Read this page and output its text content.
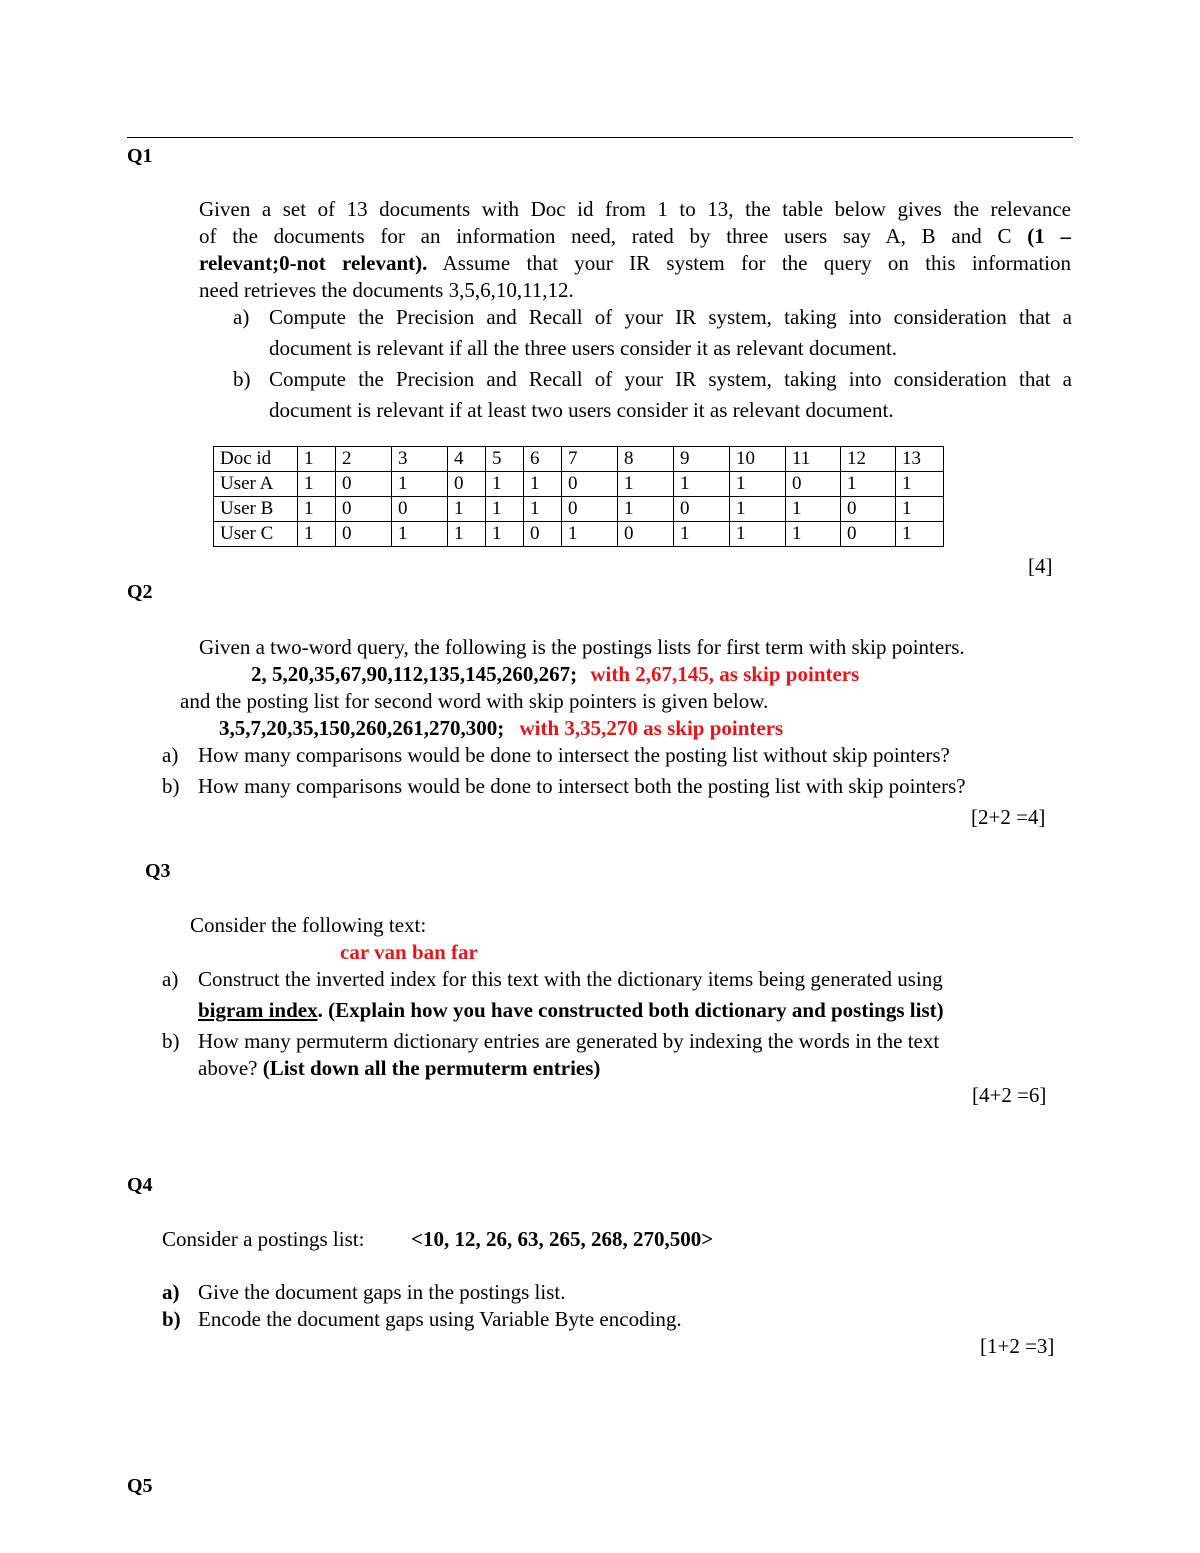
Q1
Given a set of 13 documents with Doc id from 1 to 13, the table below gives the relevance
of the documents for an information need, rated by three users say A, B and C (1 –
relevant;0-not relevant). Assume that your IR system for the query on this information
need retrieves the documents 3,5,6,10,11,12.
a) Compute the Precision and Recall of your IR system, taking into consideration that a
document is relevant if all the three users consider it as relevant document.
b) Compute the Precision and Recall of your IR system, taking into consideration that a
document is relevant if at least two users consider it as relevant document.
Doc id	1	2	3	4	5	6	7	8	9	10	11	12	13
User A	1	0	1	0	1	1	0	1	1	1	0	1	1
User B	1	0	0	1	1	1	0	1	0	1	1	0	1
User C	1	0	1	1	1	0	1	0	1	1	1	0	1
[4]
Q2
Given a two-word query, the following is the postings lists for first term with skip pointers.
2, 5,20,35,67,90,112,135,145,260,267; with 2,67,145, as skip pointers
and the posting list for second word with skip pointers is given below.
3,5,7,20,35,150,260,261,270,300; with 3,35,270 as skip pointers
a) How many comparisons would be done to intersect the posting list without skip pointers?
b) How many comparisons would be done to intersect both the posting list with skip pointers?
[2+2 =4]
Q3
Consider the following text:
car van ban far
a) Construct the inverted index for this text with the dictionary items being generated using
bigram index. (Explain how you have constructed both dictionary and postings list)
b) How many permuterm dictionary entries are generated by indexing the words in the text
above? (List down all the permuterm entries)
[4+2 =6]
Q4
Consider a postings list: <10, 12, 26, 63, 265, 268, 270,500>
a) Give the document gaps in the postings list.
b) Encode the document gaps using Variable Byte encoding.
[1+2 =3]
Q5
